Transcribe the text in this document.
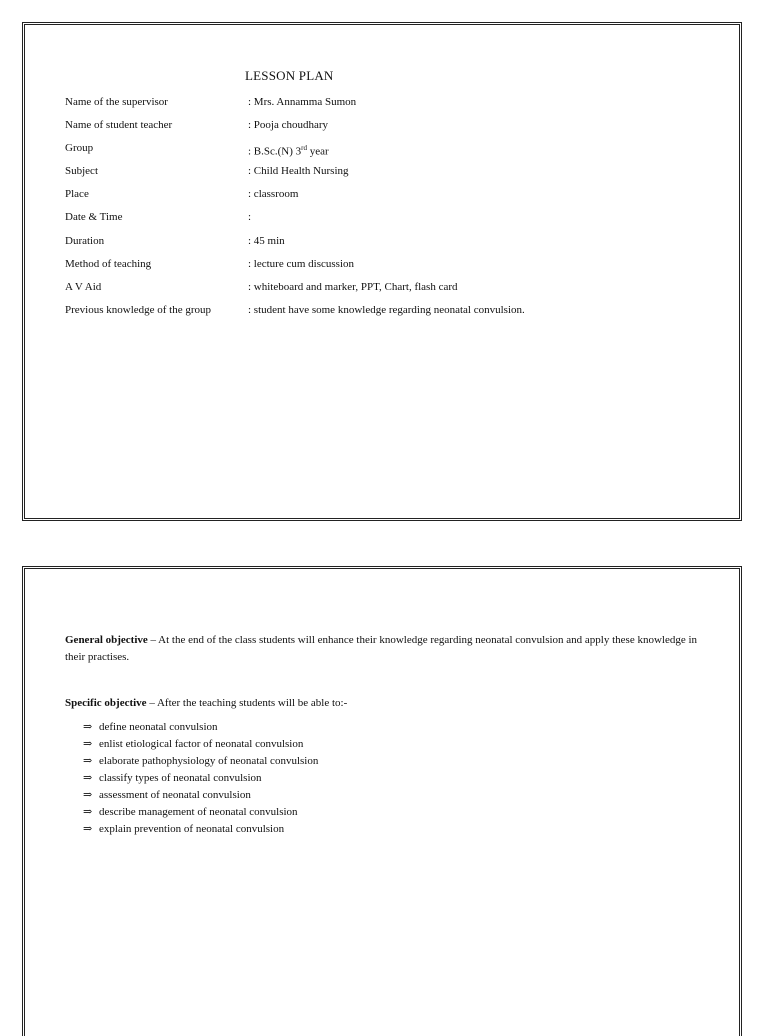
LESSON PLAN
Name of the supervisor	: Mrs. Annamma Sumon
Name of student teacher	: Pooja choudhary
Group	: B.Sc.(N) 3rd year
Subject	: Child Health Nursing
Place	: classroom
Date & Time	:
Duration	: 45 min
Method of teaching	: lecture cum discussion
A V Aid	: whiteboard and marker, PPT, Chart, flash card
Previous knowledge of the group	: student have some knowledge regarding neonatal convulsion.
General objective – At the end of the class students will enhance their knowledge regarding neonatal convulsion and apply these knowledge in their practises.
Specific objective – After the teaching students will be able to:-
⇒ define neonatal convulsion
⇒ enlist etiological factor of neonatal convulsion
⇒ elaborate pathophysiology of neonatal convulsion
⇒ classify types of neonatal convulsion
⇒ assessment of neonatal convulsion
⇒ describe management of neonatal convulsion
⇒ explain prevention of neonatal convulsion
